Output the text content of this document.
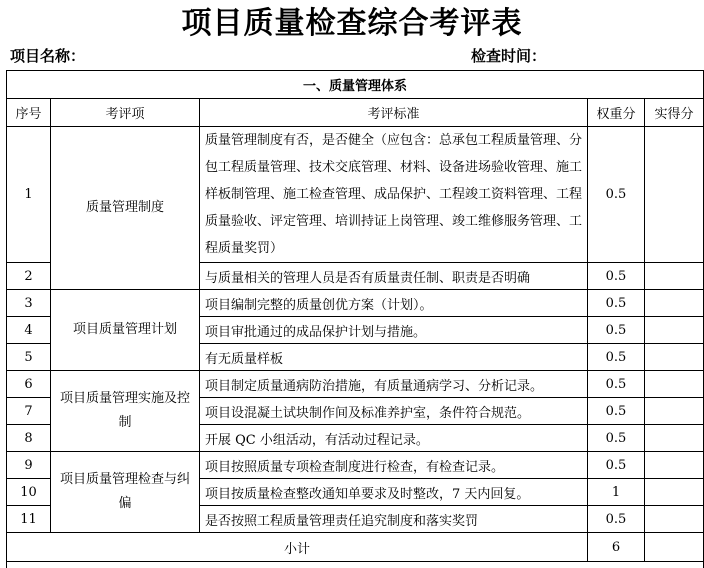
项目质量检查综合考评表
项目名称：	检查时间：
一、质量管理体系				
序号	考评项	考评标准	权重分	实得分
1	质量管理制度	质量管理制度有否，是否健全（应包含：总承包工程质量管理、分包工程质量管理、技术交底管理、材料、设备进场验收管理、施工样板制管理、施工检查管理、成品保护、工程竣工资料管理、工程质量验收、评定管理、培训持证上岗管理、竣工维修服务管理、工程质量奖罚）	0.5	
2		与质量相关的管理人员是否有质量责任制、职责是否明确	0.5	
3	项目质量管理计划	项目编制完整的质量创优方案（计划）。	0.5	
4		项目审批通过的成品保护计划与措施。	0.5	
5		有无质量样板	0.5	
6	项目质量管理实施及控制	项目制定质量通病防治措施，有质量通病学习、分析记录。	0.5	
7		项目设混凝土试块制作间及标准养护室，条件符合规范。	0.5	
8		开展 QC 小组活动，有活动过程记录。	0.5	
9	项目质量管理检查与纠偏	项目按照质量专项检查制度进行检查，有检查记录。	0.5	
10		项目按质量检查整改通知单要求及时整改，7 天内回复。	1	
11		是否按照工程质量管理责任追究制度和落实奖罚	0.5	
小计			6	
